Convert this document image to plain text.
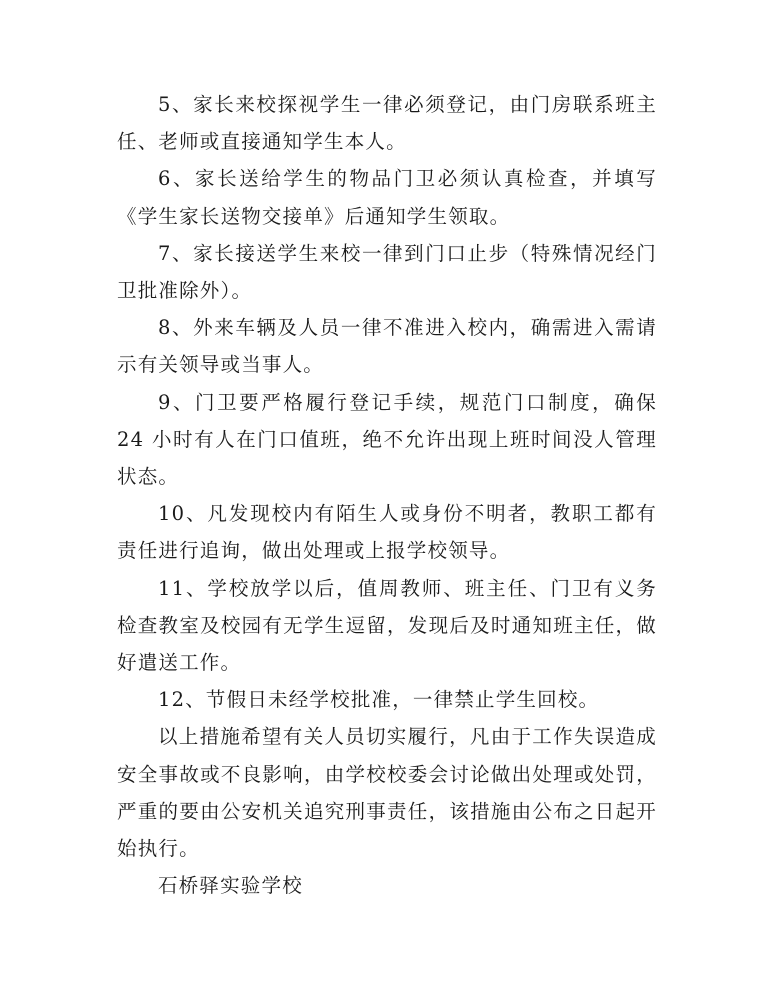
5、家长来校探视学生一律必须登记，由门房联系班主任、老师或直接通知学生本人。

6、家长送给学生的物品门卫必须认真检查，并填写《学生家长送物交接单》后通知学生领取。

7、家长接送学生来校一律到门口止步（特殊情况经门卫批准除外）。

8、外来车辆及人员一律不准进入校内，确需进入需请示有关领导或当事人。

9、门卫要严格履行登记手续，规范门口制度，确保 24 小时有人在门口值班，绝不允许出现上班时间没人管理状态。

10、凡发现校内有陌生人或身份不明者，教职工都有责任进行追询，做出处理或上报学校领导。

11、学校放学以后，值周教师、班主任、门卫有义务检查教室及校园有无学生逗留，发现后及时通知班主任，做好遣送工作。

12、节假日未经学校批准，一律禁止学生回校。

以上措施希望有关人员切实履行，凡由于工作失误造成安全事故或不良影响，由学校校委会讨论做出处理或处罚，严重的要由公安机关追究刑事责任，该措施由公布之日起开始执行。

石桥驿实验学校
